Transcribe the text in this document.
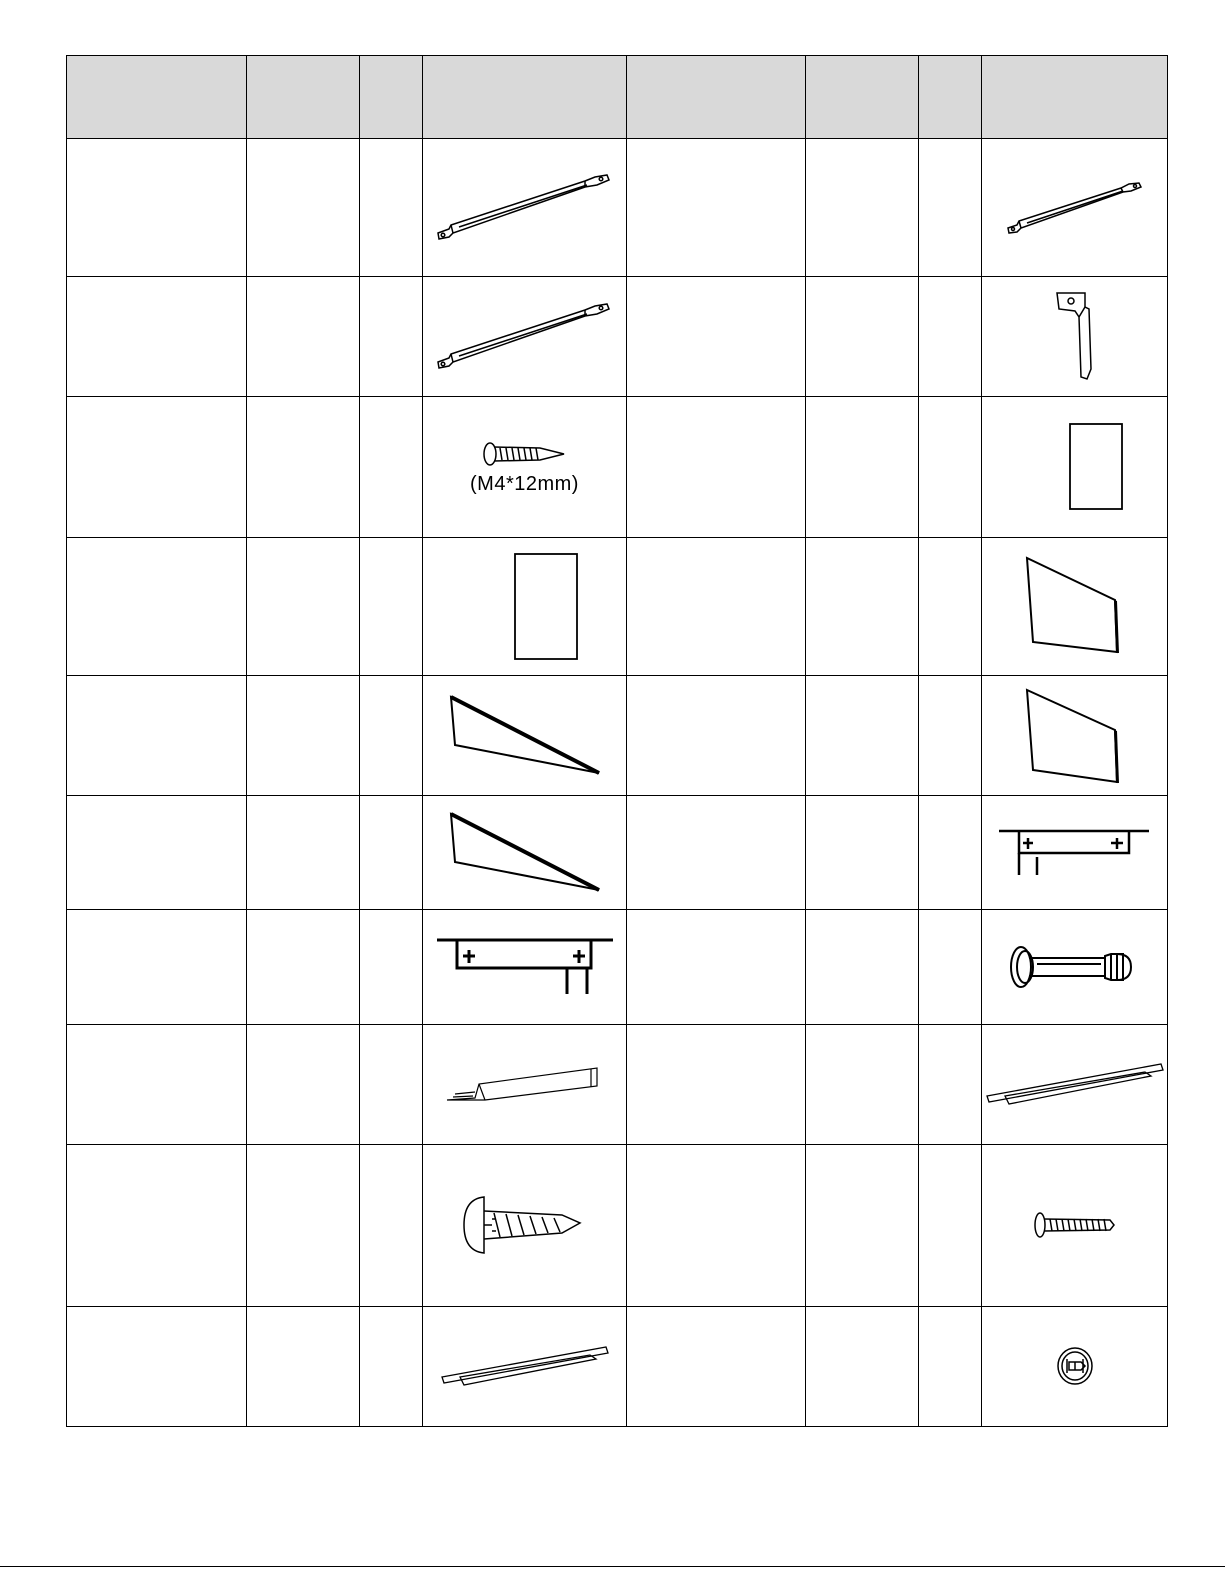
			(M4*12mm)
